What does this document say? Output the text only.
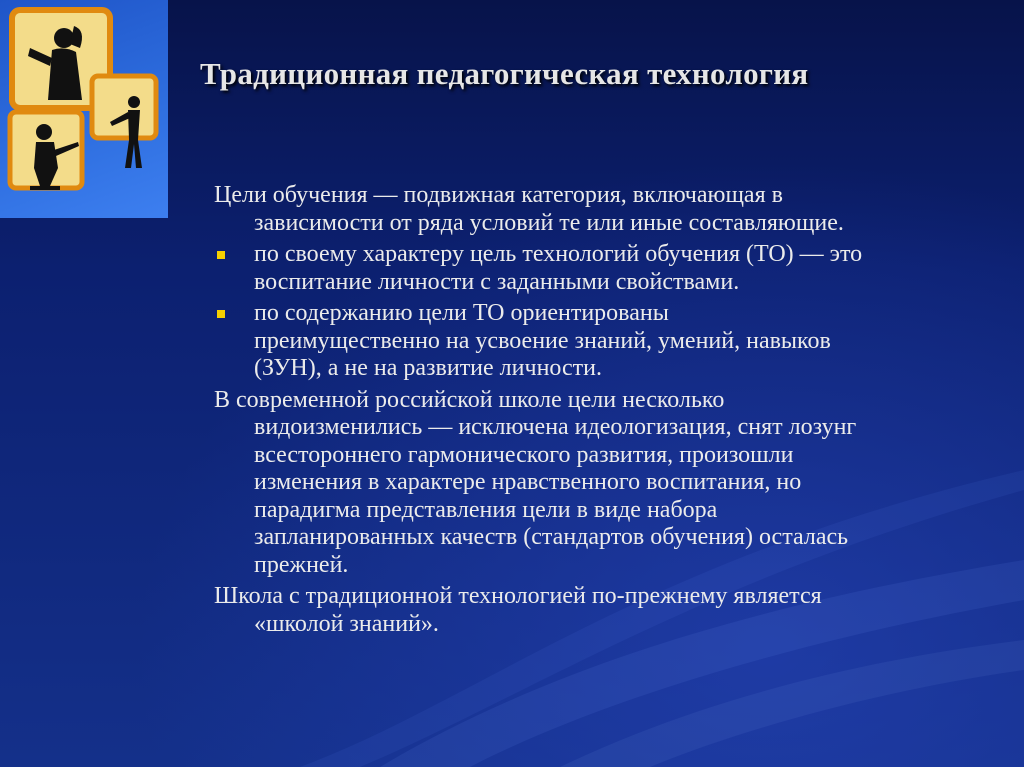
Традиционная педагогическая технология

Цели обучения — подвижная категория, включающая в
зависимости от ряда условий те или иные составляющие.

по своему характеру цель технологий обучения (ТО) — это
воспитание личности с заданными свойствами.
по содержанию цели ТО ориентированы
преимущественно на усвоение знаний, умений, навыков
(ЗУН), а не на развитие личности.

В современной российской школе цели несколько
видоизменились — исключена идеологизация, снят лозунг
всестороннего гармонического развития, произошли
изменения в характере нравственного воспитания, но
парадигма представления цели в виде набора
запланированных качеств (стандартов обучения) осталась
прежней.

Школа с традиционной технологией по-прежнему является
«школой знаний».
